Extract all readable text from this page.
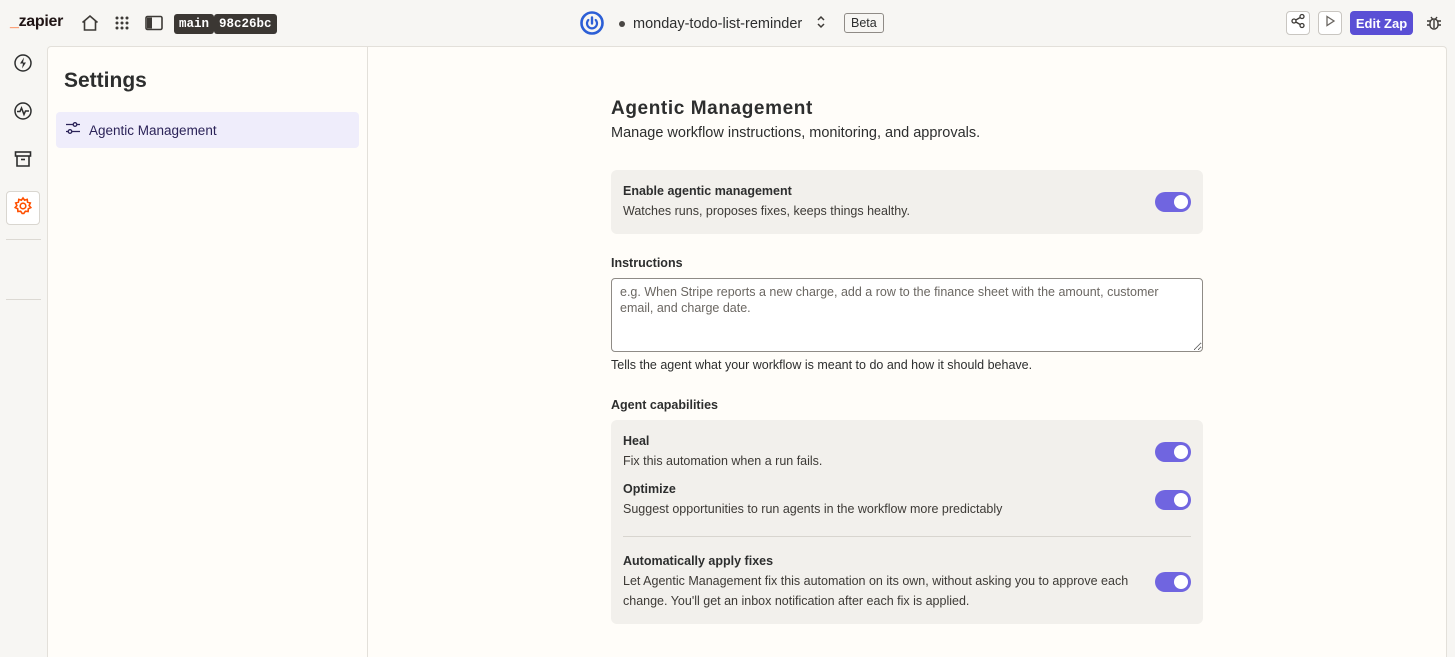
_zapier	main 98c26bc	monday-todo-list-reminder	Beta	Edit Zap
Settings
Agentic Management
Agentic Management
Manage workflow instructions, monitoring, and approvals.
Enable agentic management
Watches runs, proposes fixes, keeps things healthy.
Instructions
e.g. When Stripe reports a new charge, add a row to the finance sheet with the amount, customer email, and charge date.
Tells the agent what your workflow is meant to do and how it should behave.
Agent capabilities
Heal
Fix this automation when a run fails.
Optimize
Suggest opportunities to run agents in the workflow more predictably
Automatically apply fixes
Let Agentic Management fix this automation on its own, without asking you to approve each
change. You'll get an inbox notification after each fix is applied.
